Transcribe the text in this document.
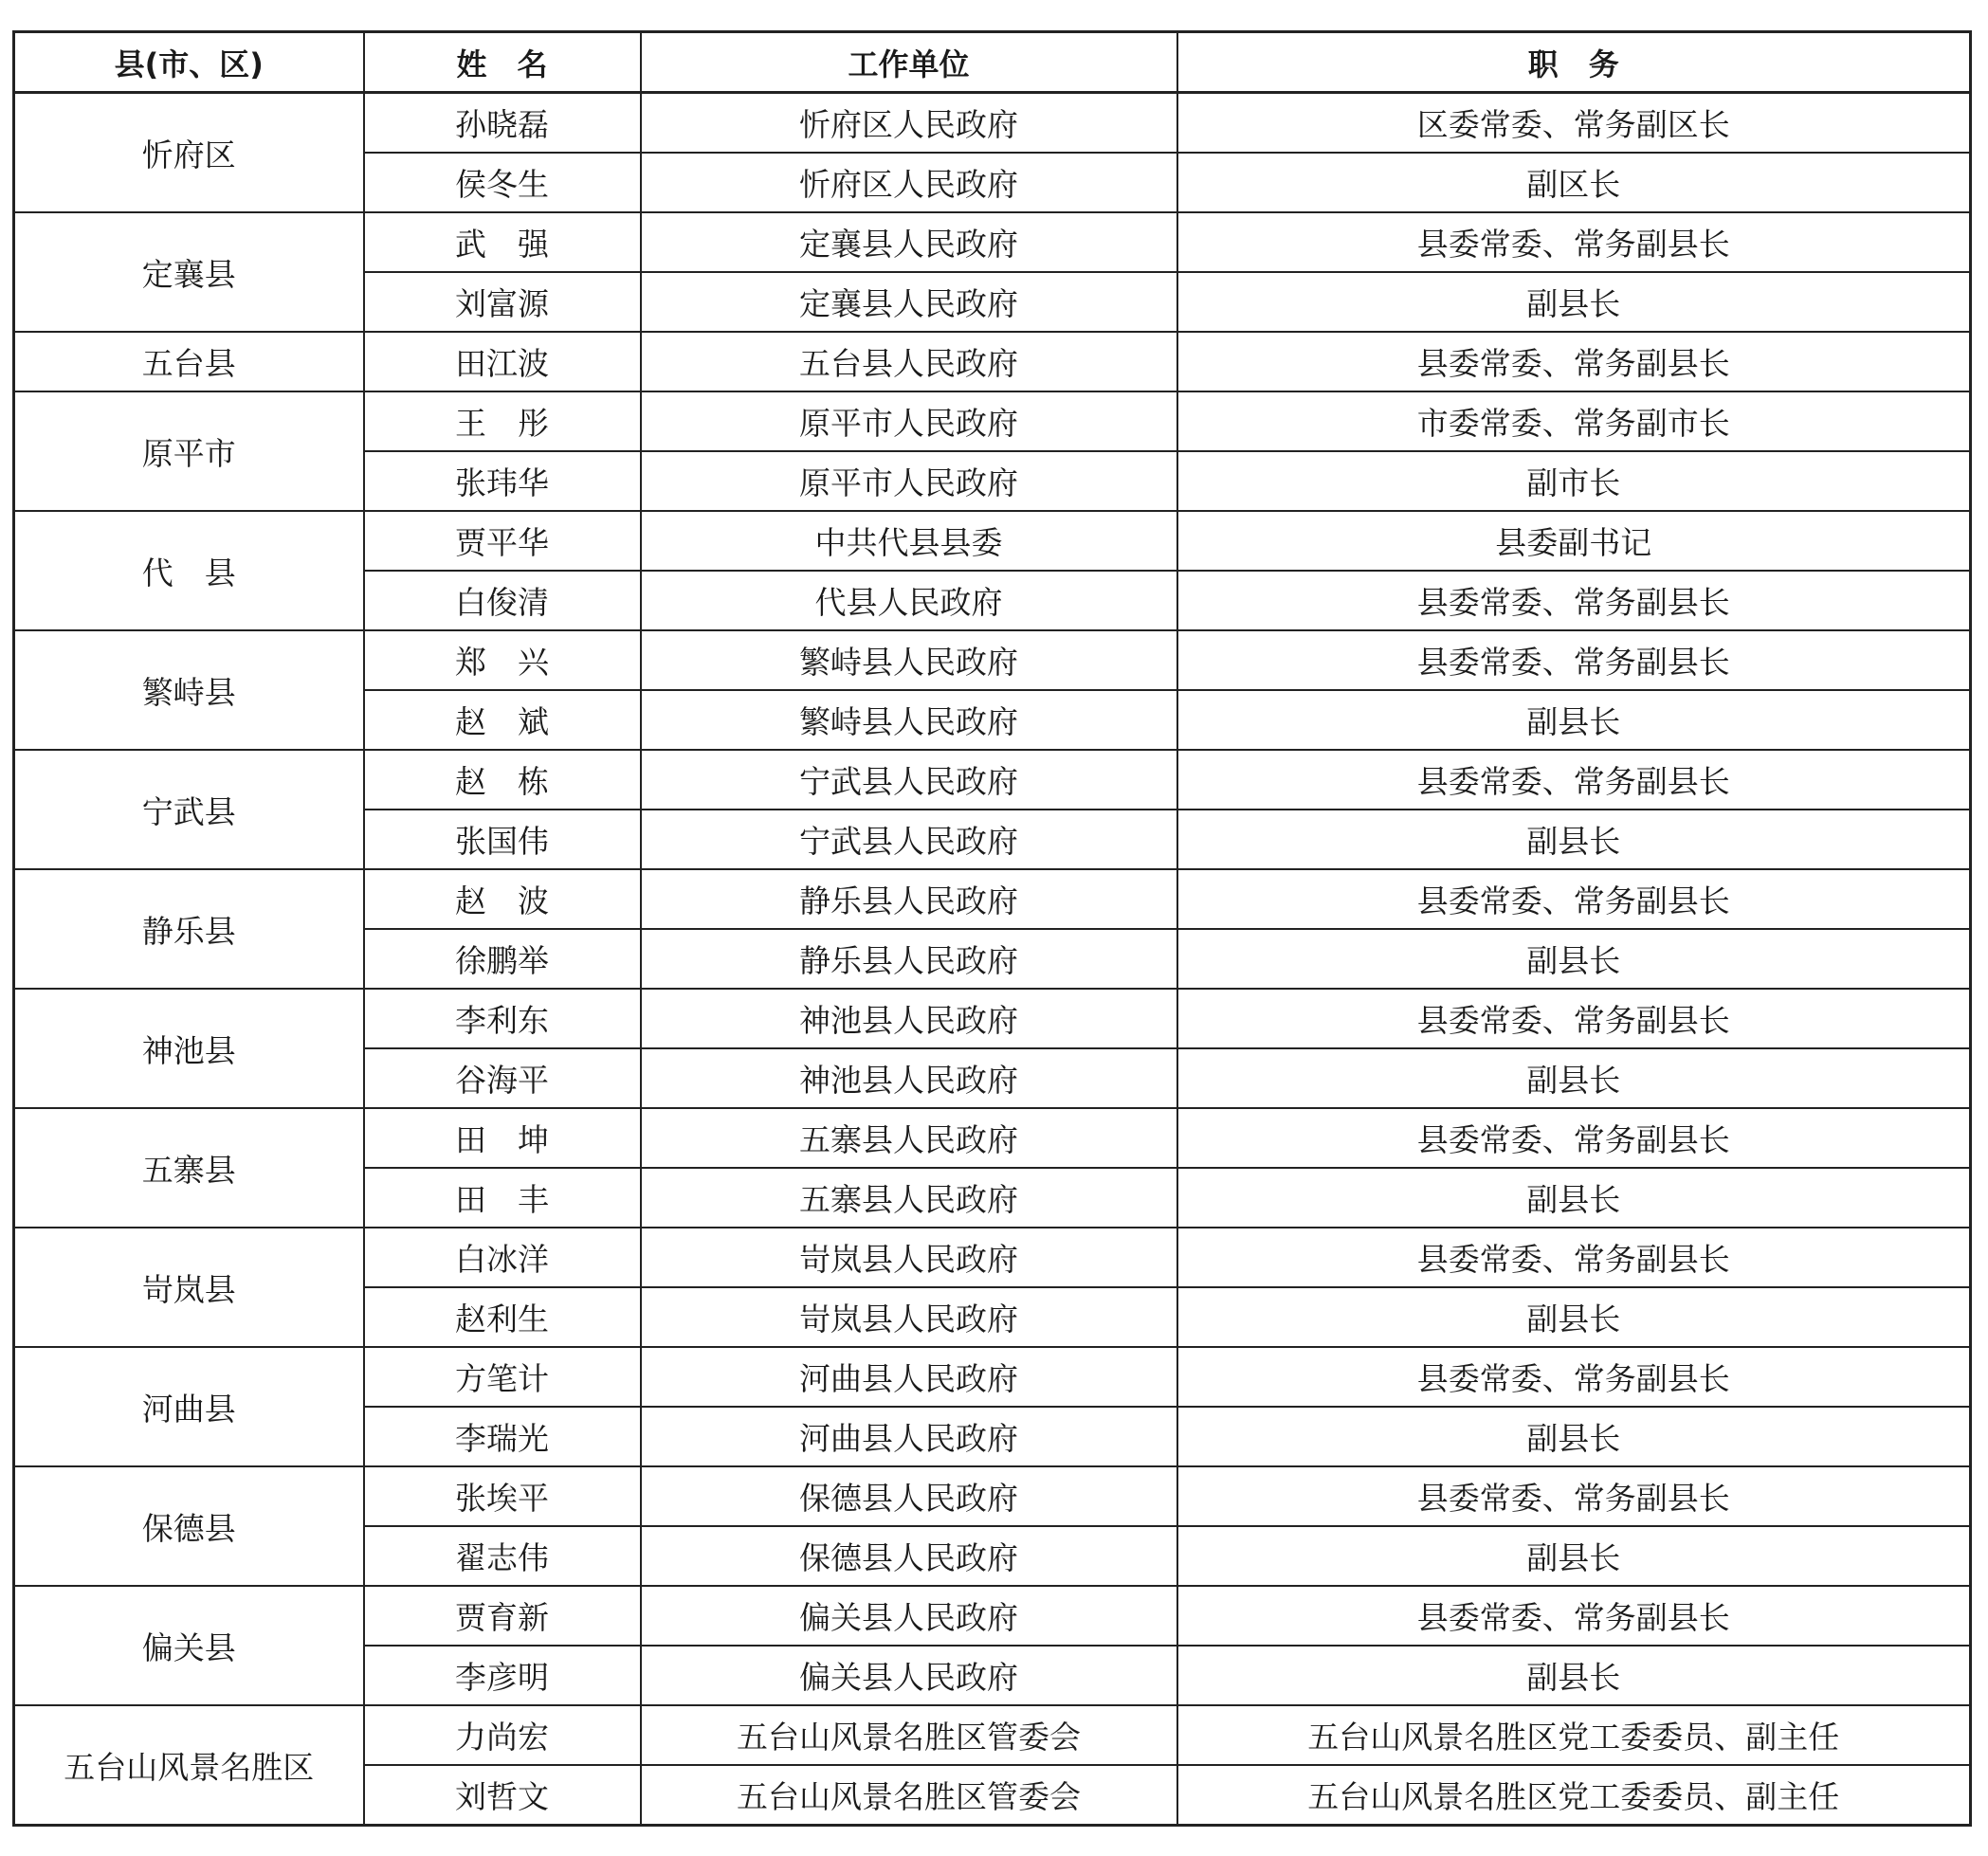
县(市、区)	姓　名	工作单位	职　务
忻府区	孙晓磊	忻府区人民政府	区委常委、常务副区长
	侯冬生	忻府区人民政府	副区长
定襄县	武　强	定襄县人民政府	县委常委、常务副县长
	刘富源	定襄县人民政府	副县长
五台县	田江波	五台县人民政府	县委常委、常务副县长
原平市	王　彤	原平市人民政府	市委常委、常务副市长
	张玮华	原平市人民政府	副市长
代　县	贾平华	中共代县县委	县委副书记
	白俊清	代县人民政府	县委常委、常务副县长
繁峙县	郑　兴	繁峙县人民政府	县委常委、常务副县长
	赵　斌	繁峙县人民政府	副县长
宁武县	赵　栋	宁武县人民政府	县委常委、常务副县长
	张国伟	宁武县人民政府	副县长
静乐县	赵　波	静乐县人民政府	县委常委、常务副县长
	徐鹏举	静乐县人民政府	副县长
神池县	李利东	神池县人民政府	县委常委、常务副县长
	谷海平	神池县人民政府	副县长
五寨县	田　坤	五寨县人民政府	县委常委、常务副县长
	田　丰	五寨县人民政府	副县长
岢岚县	白冰洋	岢岚县人民政府	县委常委、常务副县长
	赵利生	岢岚县人民政府	副县长
河曲县	方笔计	河曲县人民政府	县委常委、常务副县长
	李瑞光	河曲县人民政府	副县长
保德县	张埃平	保德县人民政府	县委常委、常务副县长
	翟志伟	保德县人民政府	副县长
偏关县	贾育新	偏关县人民政府	县委常委、常务副县长
	李彦明	偏关县人民政府	副县长
五台山风景名胜区	力尚宏	五台山风景名胜区管委会	五台山风景名胜区党工委委员、副主任
	刘哲文	五台山风景名胜区管委会	五台山风景名胜区党工委委员、副主任
